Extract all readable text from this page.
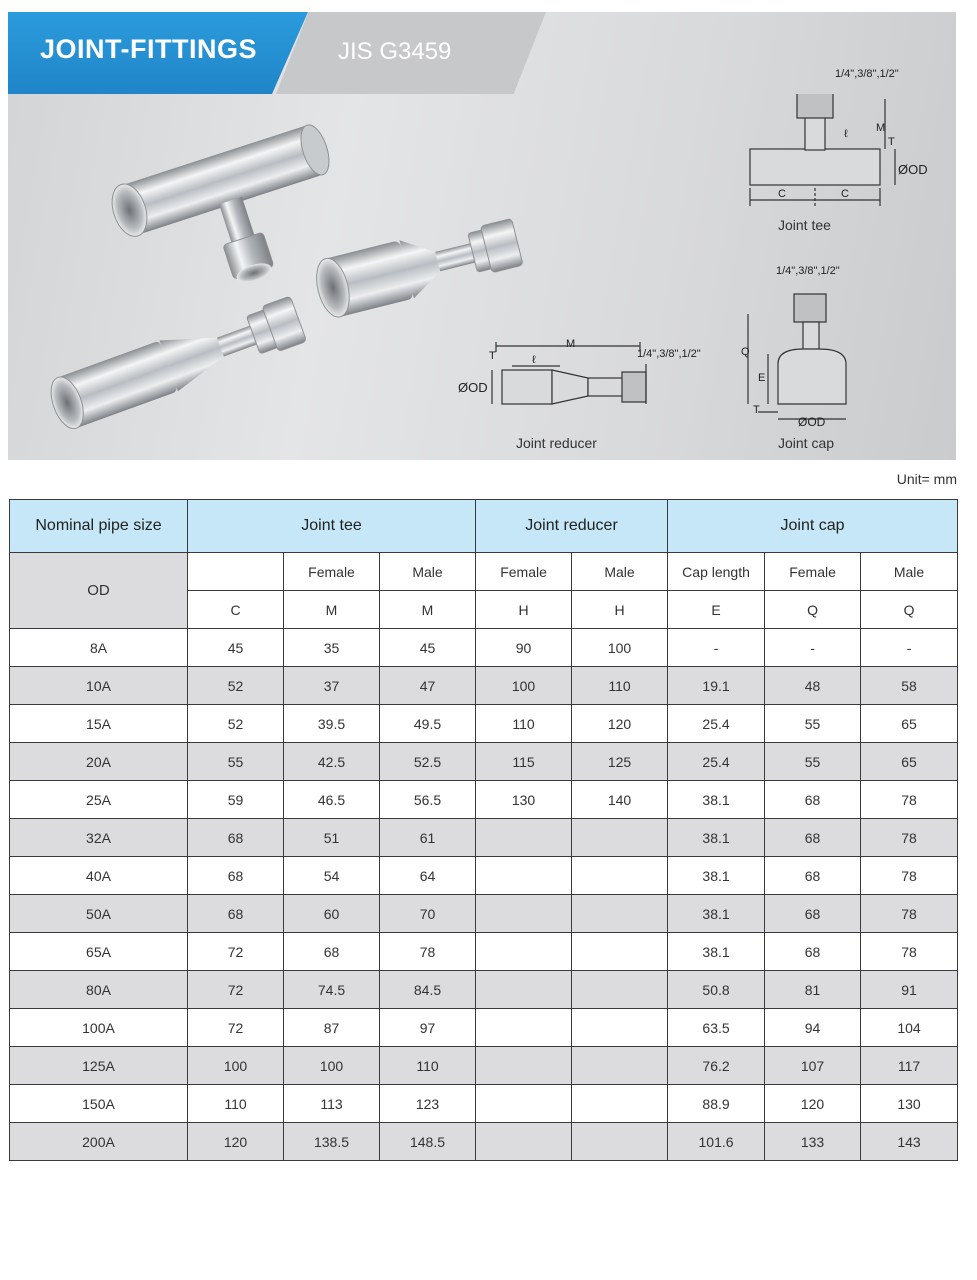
JOINT-FITTINGS	JIS G3459
1/4",3/8",1/2"
M
ℓ
T
ØOD
C	C
Joint tee
M
1/4",3/8",1/2"
ℓ
T
ØOD
Joint reducer
1/4",3/8",1/2"
Q
E
T
ØOD
Joint cap
Unit= mm
Nominal pipe size	Joint tee			Joint reducer		Joint cap		
OD		Female	Male	Female	Male	Cap length	Female	Male
	C	M	M	H	H	E	Q	Q
8A	45	35	45	90	100	-	-	-
10A	52	37	47	100	110	19.1	48	58
15A	52	39.5	49.5	110	120	25.4	55	65
20A	55	42.5	52.5	115	125	25.4	55	65
25A	59	46.5	56.5	130	140	38.1	68	78
32A	68	51	61			38.1	68	78
40A	68	54	64			38.1	68	78
50A	68	60	70			38.1	68	78
65A	72	68	78			38.1	68	78
80A	72	74.5	84.5			50.8	81	91
100A	72	87	97			63.5	94	104
125A	100	100	110			76.2	107	117
150A	110	113	123			88.9	120	130
200A	120	138.5	148.5			101.6	133	143
